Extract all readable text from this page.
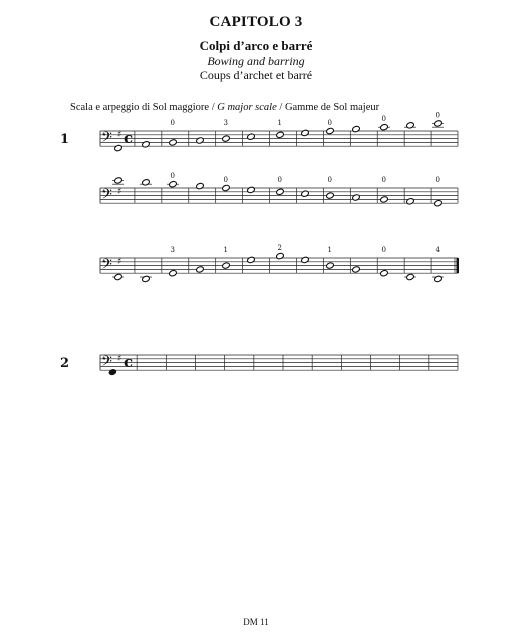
CAPITOLO 3
Colpi d’arco e barré
Bowing and barring
Coups d’archet et barré
Scala e arpeggio di Sol maggiore / G major scale / Gamme de Sol majeur
𝄢 ♯ c
1
0	3	1	0	0	0
𝄢 ♯
0	0	0	0	0	0
𝄢 ♯
3	1	2	1	0	4
𝄢 ♯ c
2
DM 11
